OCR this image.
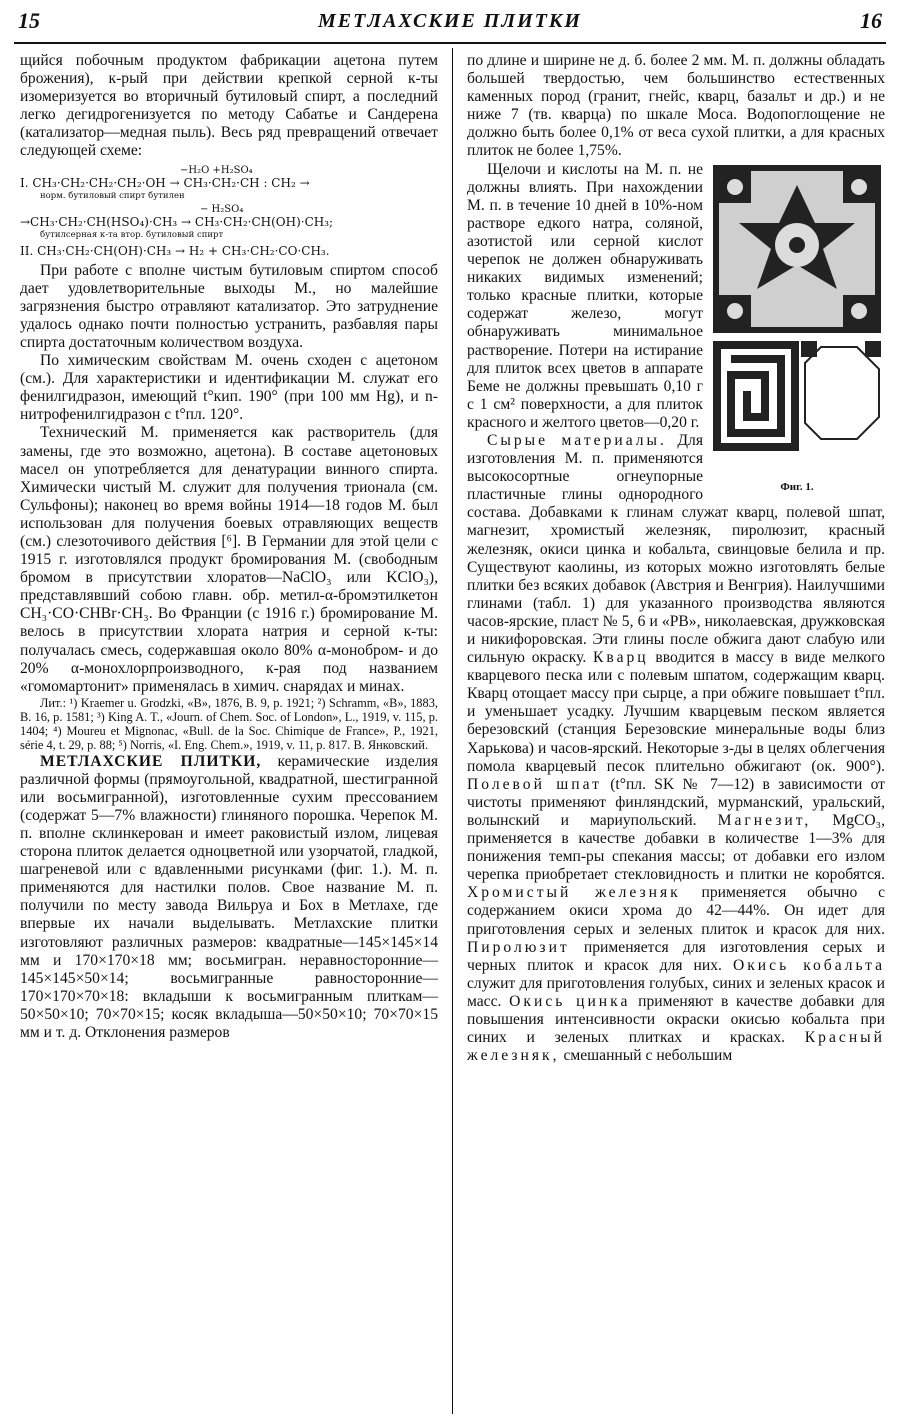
15	МЕТЛАХСКИЕ ПЛИТКИ	16

щийся побочным продуктом фабрикации ацетона путем брожения), к-рый при действии крепкой серной к-ты изомеризуется во вторичный бутиловый спирт, а последний легко дегидрогенизуется по методу Сабатье и Сандерена (катализатор—медная пыль). Весь ряд превращений отвечает следующей схеме:

−H₂O +H₂SO₄
I. CH₃·CH₂·CH₂·CH₂·OH → CH₃·CH₂·CH : CH₂ →
норм. бутиловый спирт бутилен
− H₂SO₄
→CH₃·CH₂·CH(HSO₄)·CH₃ → CH₃·CH₂·CH(OH)·CH₃;
бутилсерная к-та втор. бутиловый спирт
II. CH₃·CH₂·CH(OH)·CH₃ → H₂ + CH₃·CH₂·CO·CH₃.

При работе с вполне чистым бутиловым спиртом способ дает удовлетворительные выходы М., но малейшие загрязнения быстро отравляют катализатор. Это затруднение удалось однако почти полностью устранить, разбавляя пары спирта достаточным количеством воздуха.

По химическим свойствам М. очень сходен с ацетоном (см.). Для характеристики и идентификации М. служат его фенилгидразон, имеющий t°кип. 190° (при 100 мм Hg), и n-нитрофенилгидразон с t°пл. 120°.

Технический М. применяется как растворитель (для замены, где это возможно, ацетона). В составе ацетоновых масел он употребляется для денатурации винного спирта. Химически чистый М. служит для получения трионала (см. Сульфоны); наконец во время войны 1914—18 годов М. был использован для получения боевых отравляющих веществ (см.) слезоточивого действия [⁶]. В Германии для этой цели с 1915 г. изготовлялся продукт бромирования М. (свободным бромом в присутствии хлоратов—NaClO₃ или KClO₃), представлявший собою главн. обр. метил-α-бромэтилкетон CH₃·CO·CHBr·CH₃. Во Франции (с 1916 г.) бромирование М. велось в присутствии хлората натрия и серной к-ты: получалась смесь, содержавшая около 80% α-монобром- и до 20% α-монохлорпроизводного, к-рая под названием «гомомартонит» применялась в химич. снарядах и минах.

Лит.: ¹) Kraemer u. Grodzki, «B», 1876, B. 9, p. 1921; ²) Schramm, «B», 1883, B. 16, p. 1581; ³) King A. T., «Journ. of Chem. Soc. of London», L., 1919, v. 115, p. 1404; ⁴) Moureu et Mignonac, «Bull. de la Soc. Chimique de France», P., 1921, série 4, t. 29, p. 88; ⁵) Norris, «I. Eng. Chem.», 1919, v. 11, p. 817. В. Янковский.

МЕТЛАХСКИЕ ПЛИТКИ, керамические изделия различной формы (прямоугольной, квадратной, шестигранной или восьмигранной), изготовленные сухим прессованием (содержат 5—7% влажности) глиняного порошка. Черепок М. п. вполне склинкерован и имеет раковистый излом, лицевая сторона плиток делается одноцветной или узорчатой, гладкой, шагреневой или с вдавленными рисунками (фиг. 1.). М. п. применяются для настилки полов. Свое название М. п. получили по месту завода Вильруа и Бох в Метлахе, где впервые их начали выделывать. Метлахские плитки изготовляют различных размеров: квадратные—145×145×14 мм и 170×170×18 мм; восьмигран. неравносторонние—145×145×50×14; восьмигранные равносторонние—170×170×70×18: вкладыши к восьмигранным плиткам—50×50×10; 70×70×15; косяк вкладыша—50×50×10; 70×70×15 мм и т. д. Отклонения размеров

по длине и ширине не д. б. более 2 мм. М. п. должны обладать большей твердостью, чем большинство естественных каменных пород (гранит, гнейс, кварц, базальт и др.) и не ниже 7 (тв. кварца) по шкале Моса. Водопоглощение не должно быть более 0,1% от веса сухой плитки, а для красных плиток не более 1,75%.

Фиг. 1.

Щелочи и кислоты на М. п. не должны влиять. При нахождении М. п. в течение 10 дней в 10%-ном растворе едкого натра, соляной, азотистой или серной кислот черепок не должен обнаруживать никаких видимых изменений; только красные плитки, которые содержат железо, могут обнаруживать минимальное растворение. Потери на истирание для плиток всех цветов в аппарате Беме не должны превышать 0,10 г с 1 см² поверхности, а для плиток красного и желтого цветов—0,20 г.

Сырые материалы. Для изготовления М. п. применяются высокосортные огнеупорные пластичные глины однородного состава. Добавками к глинам служат кварц, полевой шпат, магнезит, хромистый железняк, пиролюзит, красный железняк, окиси цинка и кобальта, свинцовые белила и пр. Существуют каолины, из которых можно изготовлять белые плитки без всяких добавок (Австрия и Венгрия). Наилучшими глинами (табл. 1) для указанного производства являются часов-ярские, пласт № 5, 6 и «РВ», николаевская, дружковская и никифоровская. Эти глины после обжига дают слабую или сильную окраску. Кварц вводится в массу в виде мелкого кварцевого песка или с полевым шпатом, содержащим кварц. Кварц отощает массу при сырце, а при обжиге повышает t°пл. и уменьшает усадку. Лучшим кварцевым песком является березовский (станция Березовские минеральные воды близ Харькова) и часов-ярский. Некоторые з-ды в целях облегчения помола кварцевый песок плительно обжигают (ок. 900°). Полевой шпат (t°пл. SK № 7—12) в зависимости от чистоты применяют финляндский, мурманский, уральский, волынский и мариупольский. Магнезит, MgCO₃, применяется в качестве добавки в количестве 1—3% для понижения темп-ры спекания массы; от добавки его излом черепка приобретает стекловидность и плитки не коробятся. Хромистый железняк применяется обычно с содержанием окиси хрома до 42—44%. Он идет для приготовления серых и зеленых плиток и красок для них. Пиролюзит применяется для изготовления серых и черных плиток и красок для них. Окись кобальта служит для приготовления голубых, синих и зеленых красок и масс. Окись цинка применяют в качестве добавки для повышения интенсивности окраски окисью кобальта при синих и зеленых плитках и красках. Красный железняк, смешанный с небольшим
